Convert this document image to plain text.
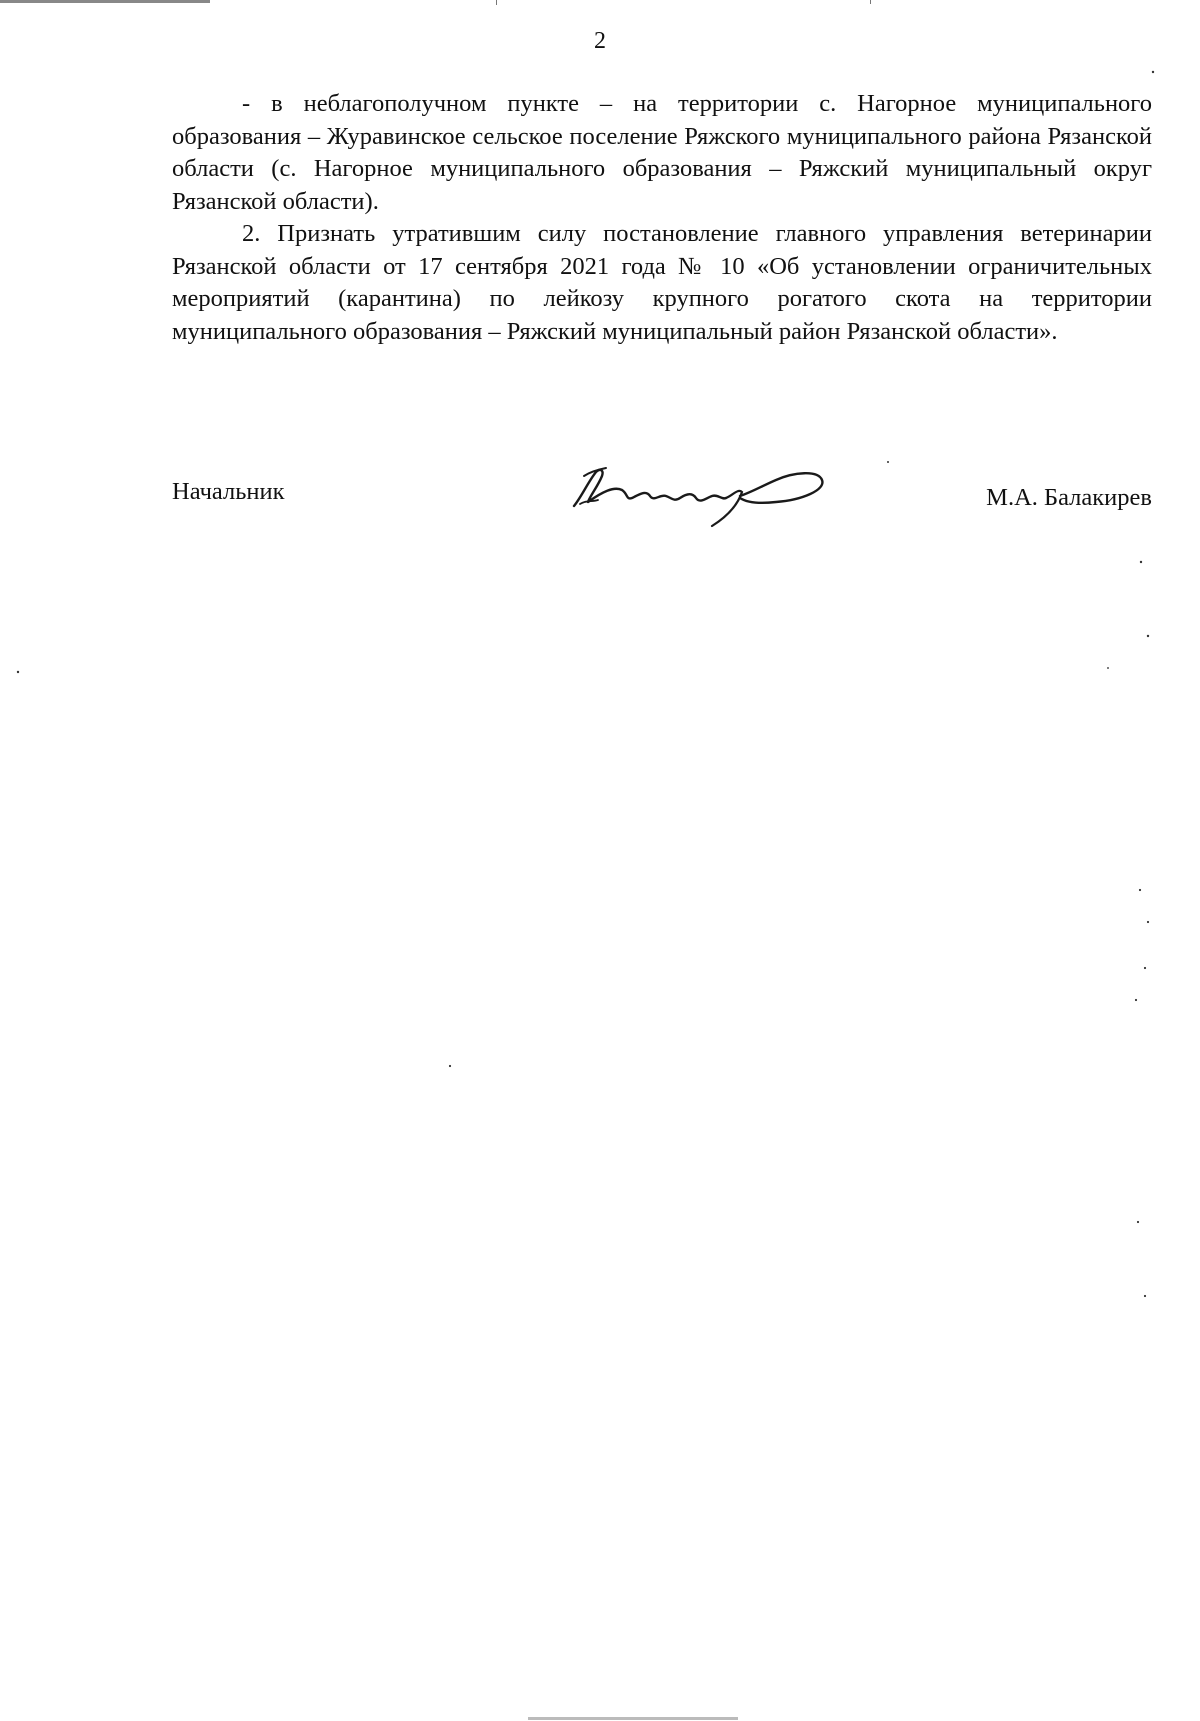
2

- в неблагополучном пункте – на территории с. Нагорное муниципального образования – Журавинское сельское поселение Ряжского муниципального района Рязанской области (с. Нагорное муниципального образования – Ряжский муниципальный округ Рязанской области).

2. Признать утратившим силу постановление главного управления ветеринарии Рязанской области от 17 сентября 2021 года № 10 «Об установлении ограничительных мероприятий (карантина) по лейкозу крупного рогатого скота на территории муниципального образования – Ряжский муниципальный район Рязанской области».

Начальник	М.А. Балакирев
